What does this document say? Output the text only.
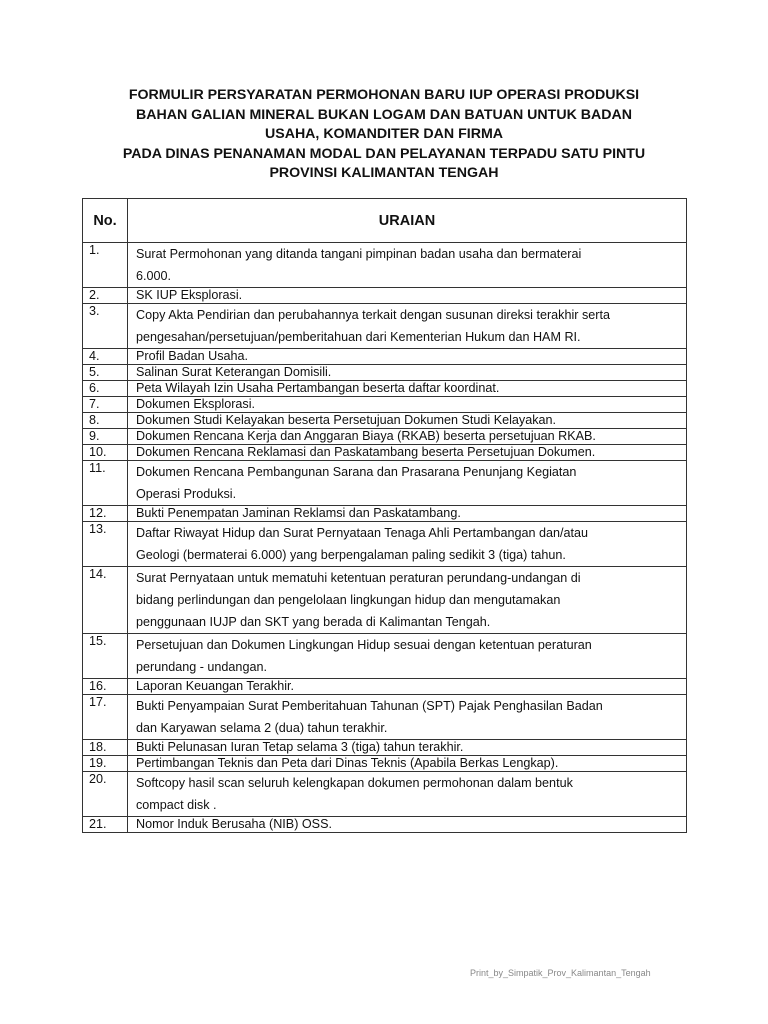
FORMULIR PERSYARATAN PERMOHONAN BARU IUP OPERASI PRODUKSI
BAHAN GALIAN MINERAL BUKAN LOGAM DAN BATUAN UNTUK BADAN
USAHA, KOMANDITER DAN FIRMA
PADA DINAS PENANAMAN MODAL DAN PELAYANAN TERPADU SATU PINTU
PROVINSI KALIMANTAN TENGAH
No.	URAIAN
1.	Surat Permohonan yang ditanda tangani pimpinan badan usaha dan bermaterai
6.000.

2.	SK IUP Eksplorasi.

3.	Copy Akta Pendirian dan perubahannya terkait dengan susunan direksi terakhir serta
pengesahan/persetujuan/pemberitahuan dari Kementerian Hukum dan HAM RI.

4.	Profil Badan Usaha.

5.	Salinan Surat Keterangan Domisili.

6.	Peta Wilayah Izin Usaha Pertambangan beserta daftar koordinat.

7.	Dokumen Eksplorasi.

8.	Dokumen Studi Kelayakan beserta Persetujuan Dokumen Studi Kelayakan.

9.	Dokumen Rencana Kerja dan Anggaran Biaya (RKAB) beserta persetujuan RKAB.

10.	Dokumen Rencana Reklamasi dan Paskatambang beserta Persetujuan Dokumen.

11.	Dokumen Rencana Pembangunan Sarana dan Prasarana Penunjang Kegiatan
Operasi Produksi.

12.	Bukti Penempatan Jaminan Reklamsi dan Paskatambang.

13.	Daftar Riwayat Hidup dan Surat Pernyataan Tenaga Ahli Pertambangan dan/atau
Geologi (bermaterai 6.000) yang berpengalaman paling sedikit 3 (tiga) tahun.

14.	Surat Pernyataan untuk mematuhi ketentuan peraturan perundang-undangan di
bidang perlindungan dan pengelolaan lingkungan hidup dan mengutamakan
penggunaan IUJP dan SKT yang berada di Kalimantan Tengah.

15.	Persetujuan dan Dokumen Lingkungan Hidup sesuai dengan ketentuan peraturan
perundang - undangan.

16.	Laporan Keuangan Terakhir.

17.	Bukti Penyampaian Surat Pemberitahuan Tahunan (SPT) Pajak Penghasilan Badan
dan Karyawan selama 2 (dua) tahun terakhir.

18.	Bukti Pelunasan Iuran Tetap selama 3 (tiga) tahun terakhir.

19.	Pertimbangan Teknis dan Peta dari Dinas Teknis (Apabila Berkas Lengkap).

20.	Softcopy hasil scan seluruh kelengkapan dokumen permohonan dalam bentuk
compact disk .

21.	Nomor Induk Berusaha (NIB) OSS.
Print_by_Simpatik_Prov_Kalimantan_Tengah
